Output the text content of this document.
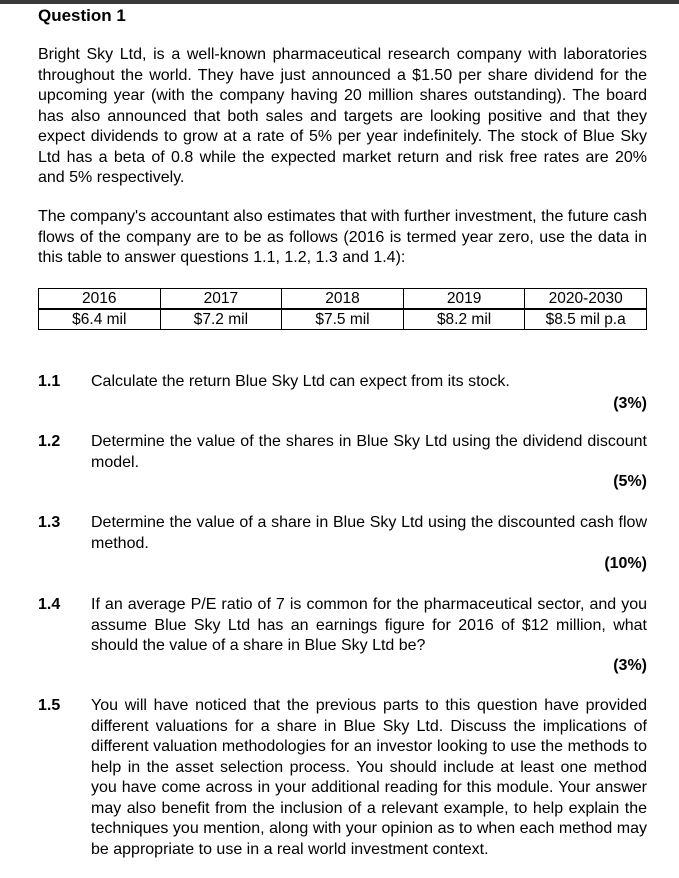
Question 1
Bright Sky Ltd, is a well-known pharmaceutical research company with laboratories throughout the world. They have just announced a $1.50 per share dividend for the upcoming year (with the company having 20 million shares outstanding). The board has also announced that both sales and targets are looking positive and that they expect dividends to grow at a rate of 5% per year indefinitely. The stock of Blue Sky Ltd has a beta of 0.8 while the expected market return and risk free rates are 20% and 5% respectively.
The company's accountant also estimates that with further investment, the future cash flows of the company are to be as follows (2016 is termed year zero, use the data in this table to answer questions 1.1, 1.2, 1.3 and 1.4):
2016	2017	2018	2019	2020-2030
$6.4 mil	$7.2 mil	$7.5 mil	$8.2 mil	$8.5 mil p.a
1.1 Calculate the return Blue Sky Ltd can expect from its stock.
(3%)
1.2 Determine the value of the shares in Blue Sky Ltd using the dividend discount model.
(5%)
1.3 Determine the value of a share in Blue Sky Ltd using the discounted cash flow method.
(10%)
1.4 If an average P/E ratio of 7 is common for the pharmaceutical sector, and you assume Blue Sky Ltd has an earnings figure for 2016 of $12 million, what should the value of a share in Blue Sky Ltd be?
(3%)
1.5 You will have noticed that the previous parts to this question have provided different valuations for a share in Blue Sky Ltd. Discuss the implications of different valuation methodologies for an investor looking to use the methods to help in the asset selection process. You should include at least one method you have come across in your additional reading for this module. Your answer may also benefit from the inclusion of a relevant example, to help explain the techniques you mention, along with your opinion as to when each method may be appropriate to use in a real world investment context.
